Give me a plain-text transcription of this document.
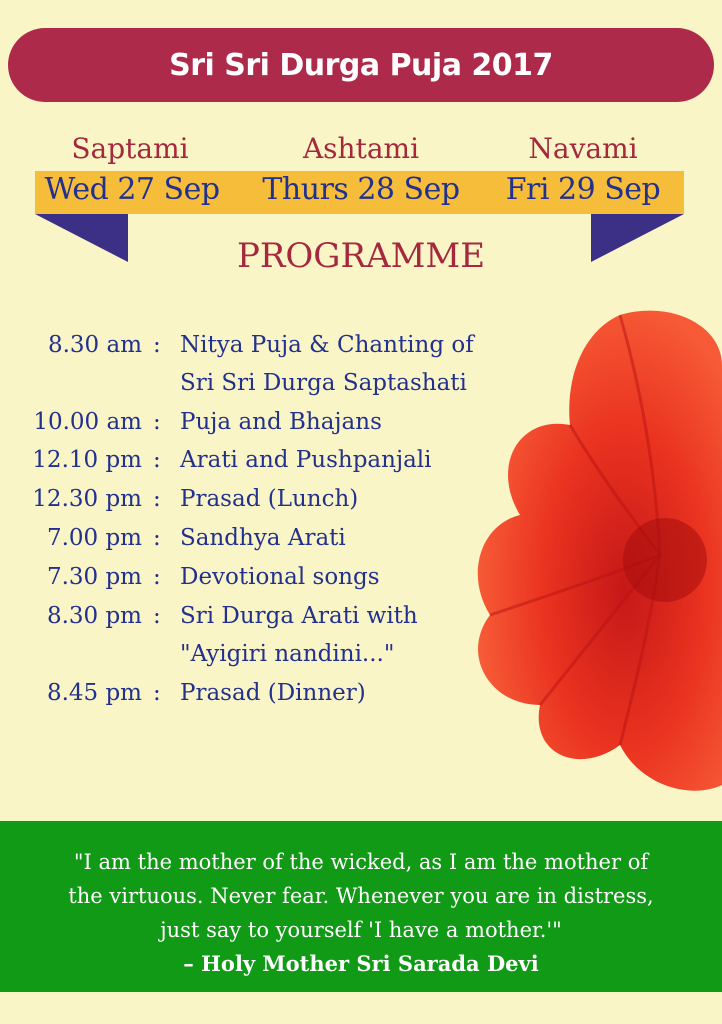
Sri Sri Durga Puja 2017
Saptami	Ashtami	Navami
Wed 27 Sep	Thurs 28 Sep	Fri 29 Sep
PROGRAMME
8.30 am : Nitya Puja & Chanting of
Sri Sri Durga Saptashati
10.00 am : Puja and Bhajans
12.10 pm : Arati and Pushpanjali
12.30 pm : Prasad (Lunch)
7.00 pm : Sandhya Arati
7.30 pm : Devotional songs
8.30 pm : Sri Durga Arati with
"Ayigiri nandini..."
8.45 pm : Prasad (Dinner)
"I am the mother of the wicked, as I am the mother of
the virtuous. Never fear. Whenever you are in distress,
just say to yourself 'I have a mother.'"
– Holy Mother Sri Sarada Devi
